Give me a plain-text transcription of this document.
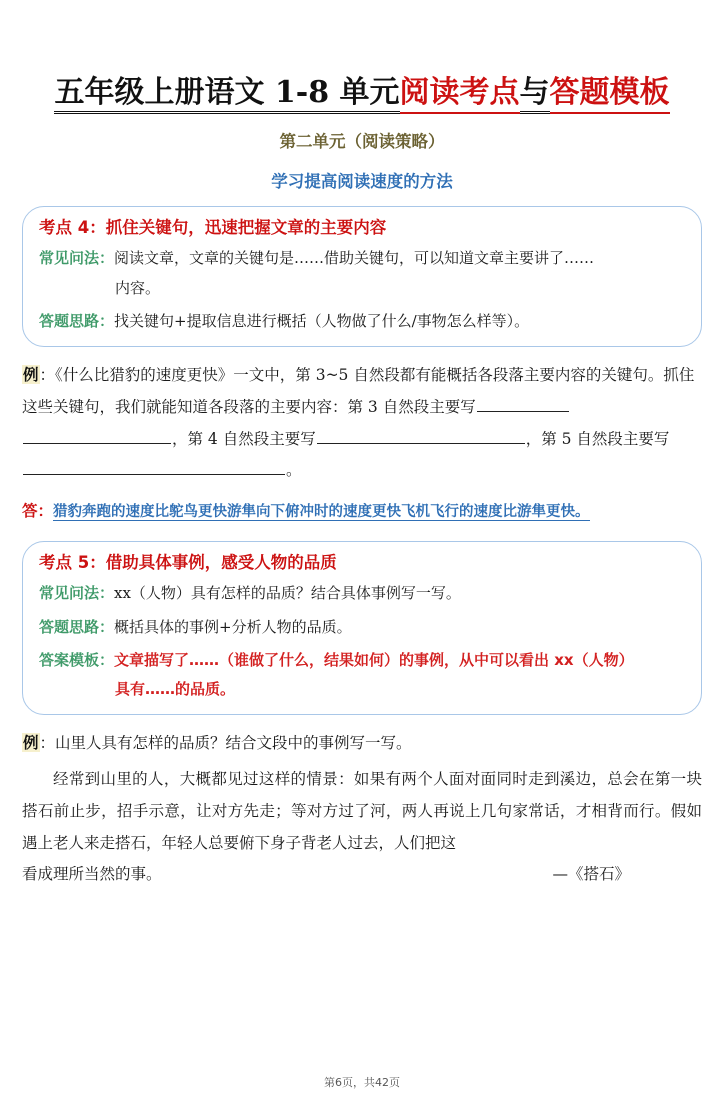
五年级上册语文 1-8 单元阅读考点与答题模板
第二单元（阅读策略）
学习提高阅读速度的方法
考点 4：抓住关键句，迅速把握文章的主要内容
常见问法：阅读文章，文章的关键句是……借助关键句，可以知道文章主要讲了……
内容。
答题思路：找关键句+提取信息进行概括（人物做了什么/事物怎么样等）。
例：《什么比猎豹的速度更快》一文中，第 3~5 自然段都有能概括各段落主要内容的关键句。抓住这些关键句，我们就能知道各段落的主要内容：第 3 自然段主要写，第 4 自然段主要写	，第 5 自然段主要写。
答：猎豹奔跑的速度比鸵鸟更快游隼向下俯冲时的速度更快飞机飞行的速度比游隼更快。
考点 5：借助具体事例，感受人物的品质
常见问法：xx（人物）具有怎样的品质？结合具体事例写一写。
答题思路：概括具体的事例+分析人物的品质。
答案模板：文章描写了……（谁做了什么，结果如何）的事例，从中可以看出 xx（人物）
具有……的品质。
例：山里人具有怎样的品质？结合文段中的事例写一写。
经常到山里的人，大概都见过这样的情景：如果有两个人面对面同时走到溪边，总会在第一块搭石前止步，招手示意，让对方先走；等对方过了河，两人再说上几句家常话，才相背而行。假如遇上老人来走搭石，年轻人总要俯下身子背老人过去，人们把这
看成理所当然的事。	—《搭石》
第6页，共42页
